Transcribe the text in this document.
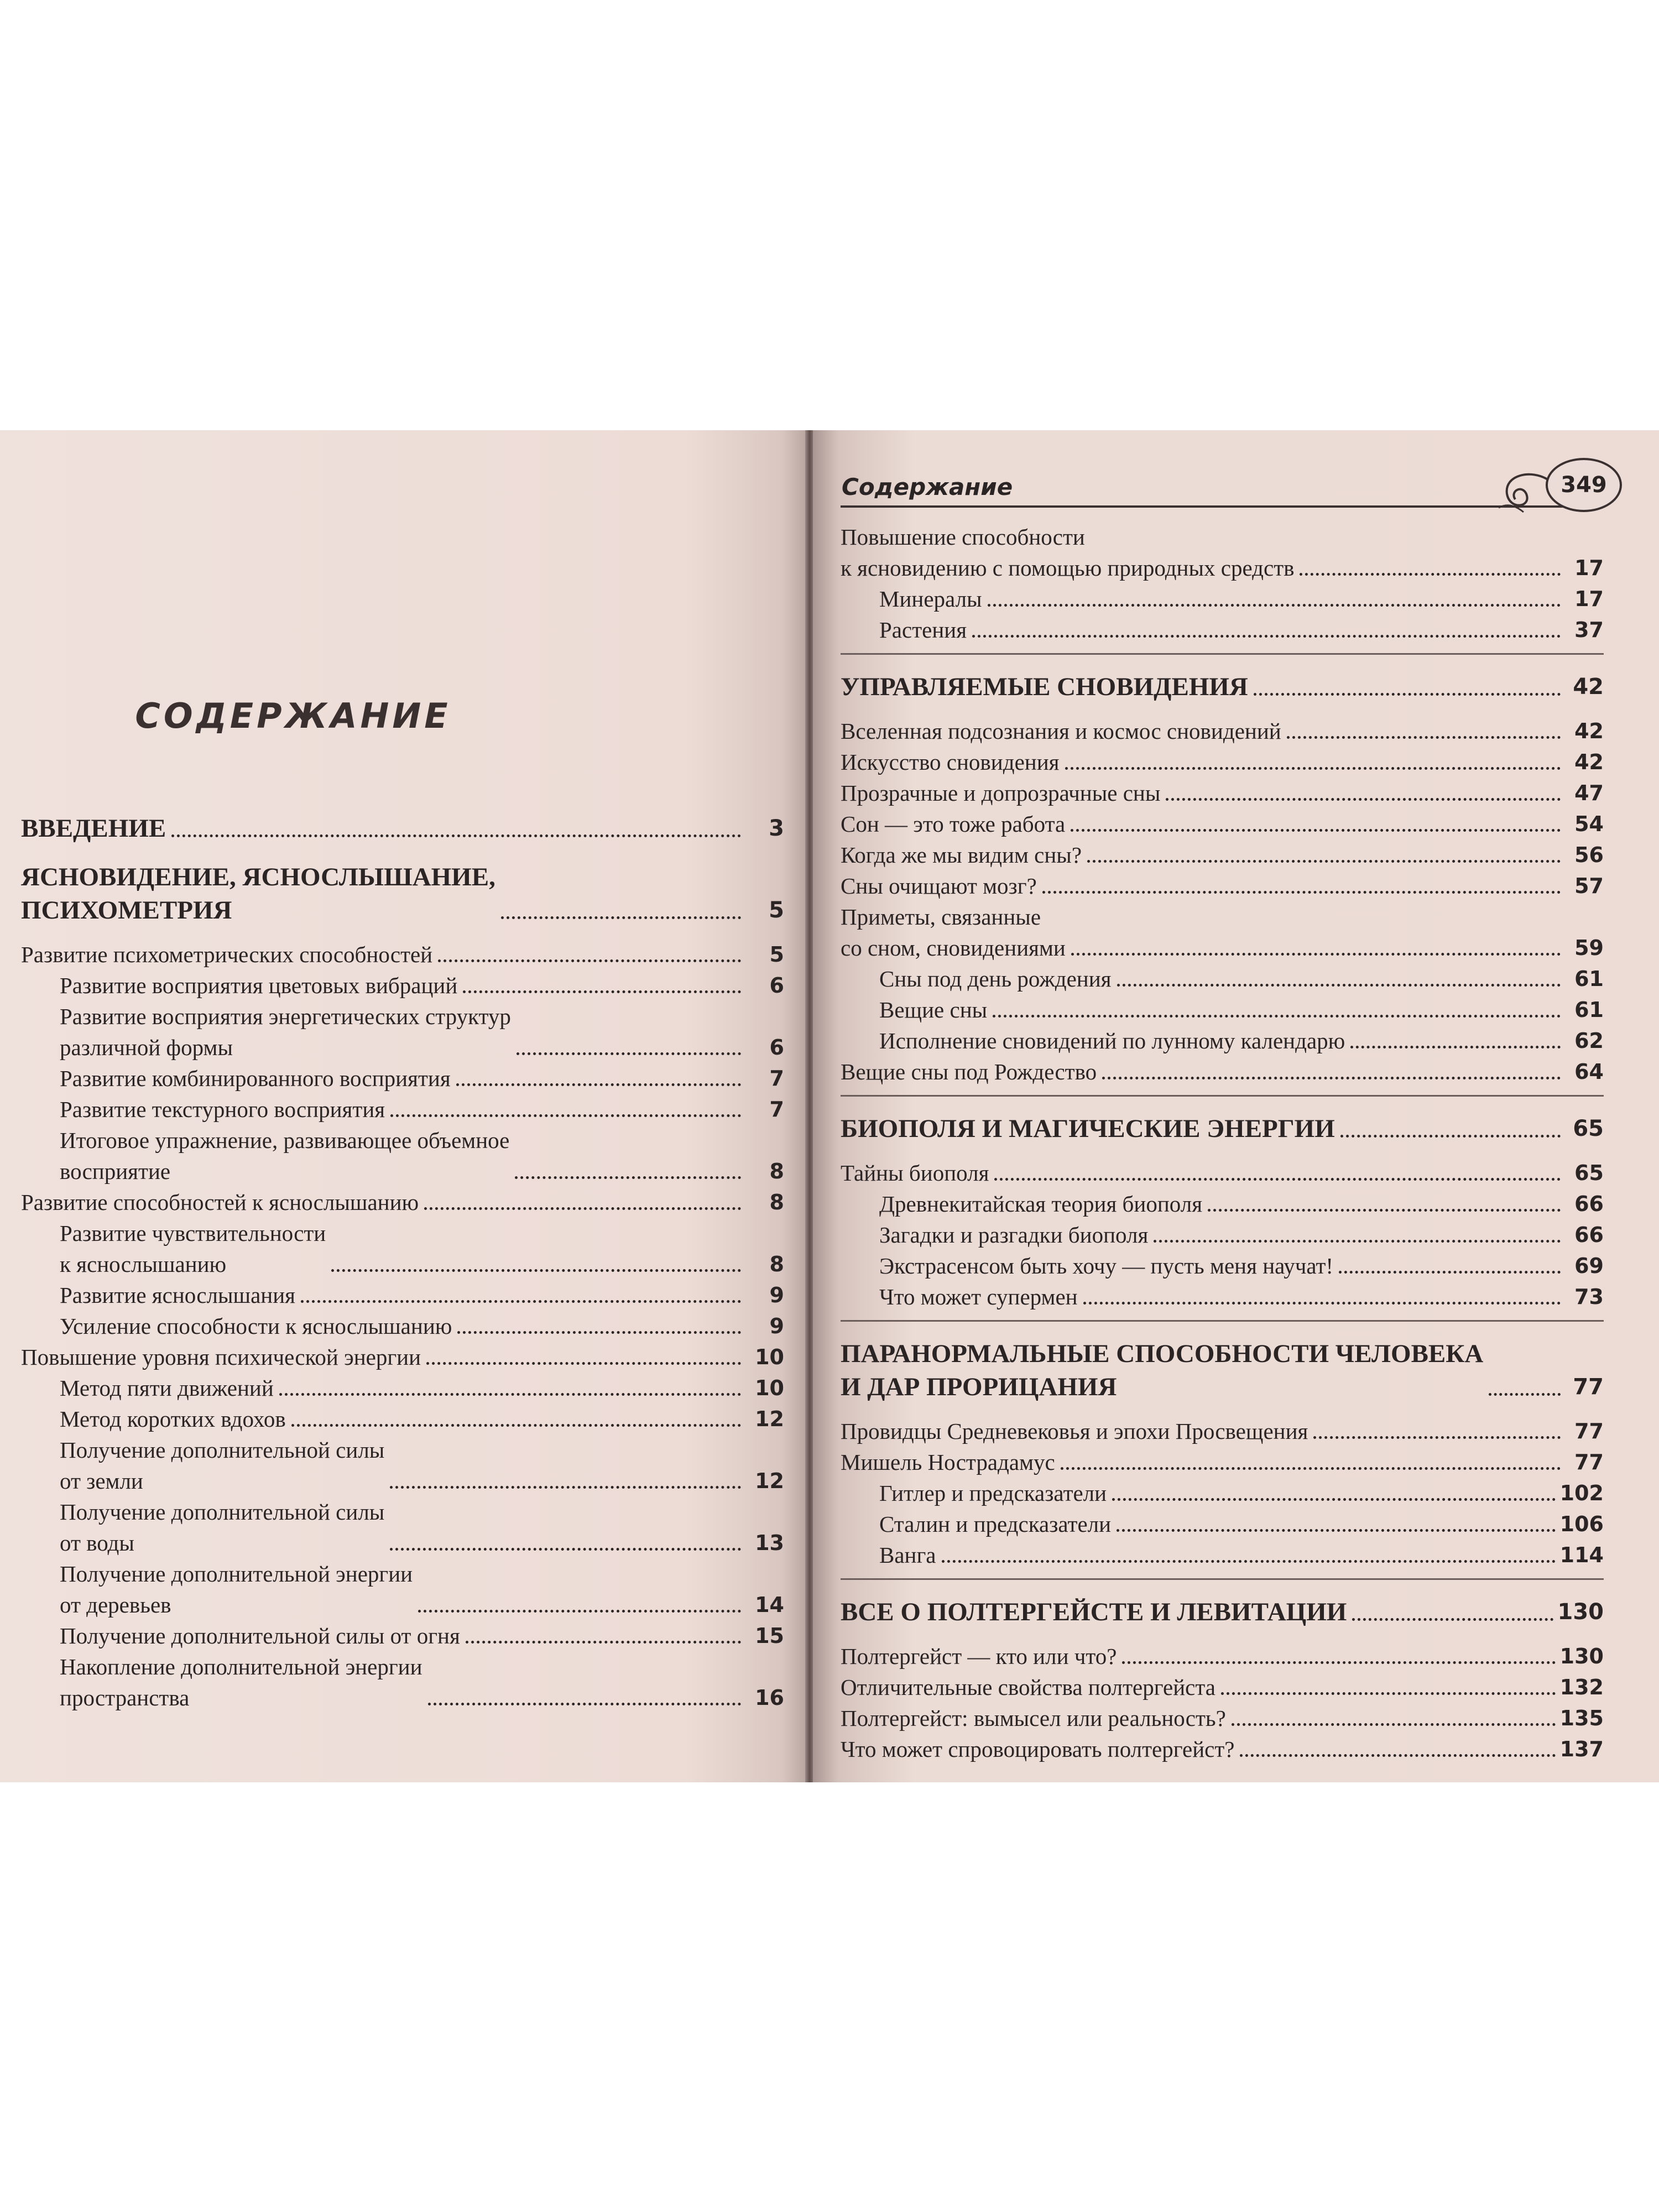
СОДЕРЖАНИЕ
ВВЕДЕНИЕ	3
ЯСНОВИДЕНИЕ, ЯСНОСЛЫШАНИЕ,
ПСИХОМЕТРИЯ	5
Развитие психометрических способностей	5
Развитие восприятия цветовых вибраций	6
Развитие восприятия энергетических структур
различной формы	6
Развитие комбинированного восприятия	7
Развитие текстурного восприятия	7
Итоговое упражнение, развивающее объемное
восприятие	8
Развитие способностей к яснослышанию	8
Развитие чувствительности
к яснослышанию	8
Развитие яснослышания	9
Усиление способности к яснослышанию	9
Повышение уровня психической энергии	10
Метод пяти движений	10
Метод коротких вдохов	12
Получение дополнительной силы
от земли	12
Получение дополнительной силы
от воды	13
Получение дополнительной энергии
от деревьев	14
Получение дополнительной силы от огня	15
Накопление дополнительной энергии
пространства	16
Содержание	349
Повышение способности
к ясновидению с помощью природных средств	17
Минералы	17
Растения	37
УПРАВЛЯЕМЫЕ СНОВИДЕНИЯ	42
Вселенная подсознания и космос сновидений	42
Искусство сновидения	42
Прозрачные и допрозрачные сны	47
Сон — это тоже работа	54
Когда же мы видим сны?	56
Сны очищают мозг?	57
Приметы, связанные
со сном, сновидениями	59
Сны под день рождения	61
Вещие сны	61
Исполнение сновидений по лунному календарю	62
Вещие сны под Рождество	64
БИОПОЛЯ И МАГИЧЕСКИЕ ЭНЕРГИИ	65
Тайны биополя	65
Древнекитайская теория биополя	66
Загадки и разгадки биополя	66
Экстрасенсом быть хочу — пусть меня научат!	69
Что может супермен	73
ПАРАНОРМАЛЬНЫЕ СПОСОБНОСТИ ЧЕЛОВЕКА
И ДАР ПРОРИЦАНИЯ	77
Провидцы Средневековья и эпохи Просвещения	77
Мишель Нострадамус	77
Гитлер и предсказатели	102
Сталин и предсказатели	106
Ванга	114
ВСЕ О ПОЛТЕРГЕЙСТЕ И ЛЕВИТАЦИИ	130
Полтергейст — кто или что?	130
Отличительные свойства полтергейста	132
Полтергейст: вымысел или реальность?	135
Что может спровоцировать полтергейст?	137
